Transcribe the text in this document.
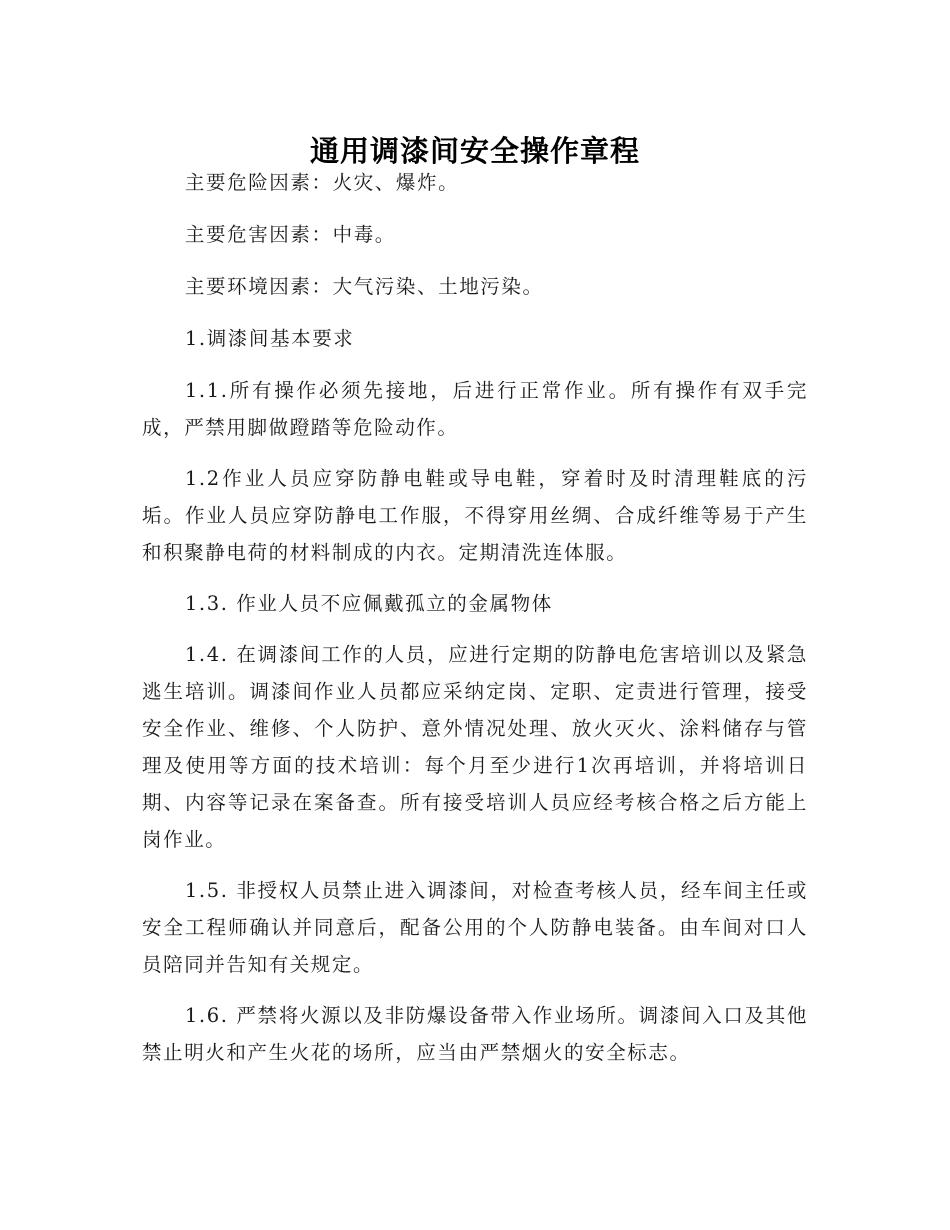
通用调漆间安全操作章程

主要危险因素：火灾、爆炸。

主要危害因素：中毒。

主要环境因素：大气污染、土地污染。

1.调漆间基本要求

1.1.所有操作必须先接地，后进行正常作业。所有操作有双手完成，严禁用脚做蹬踏等危险动作。

1.2作业人员应穿防静电鞋或导电鞋，穿着时及时清理鞋底的污垢。作业人员应穿防静电工作服，不得穿用丝绸、合成纤维等易于产生和积聚静电荷的材料制成的内衣。定期清洗连体服。

1.3. 作业人员不应佩戴孤立的金属物体

1.4. 在调漆间工作的人员，应进行定期的防静电危害培训以及紧急逃生培训。调漆间作业人员都应采纳定岗、定职、定责进行管理，接受安全作业、维修、个人防护、意外情况处理、放火灭火、涂料储存与管理及使用等方面的技术培训：每个月至少进行1次再培训，并将培训日期、内容等记录在案备查。所有接受培训人员应经考核合格之后方能上岗作业。

1.5. 非授权人员禁止进入调漆间，对检查考核人员，经车间主任或安全工程师确认并同意后，配备公用的个人防静电装备。由车间对口人员陪同并告知有关规定。

1.6. 严禁将火源以及非防爆设备带入作业场所。调漆间入口及其他禁止明火和产生火花的场所，应当由严禁烟火的安全标志。
